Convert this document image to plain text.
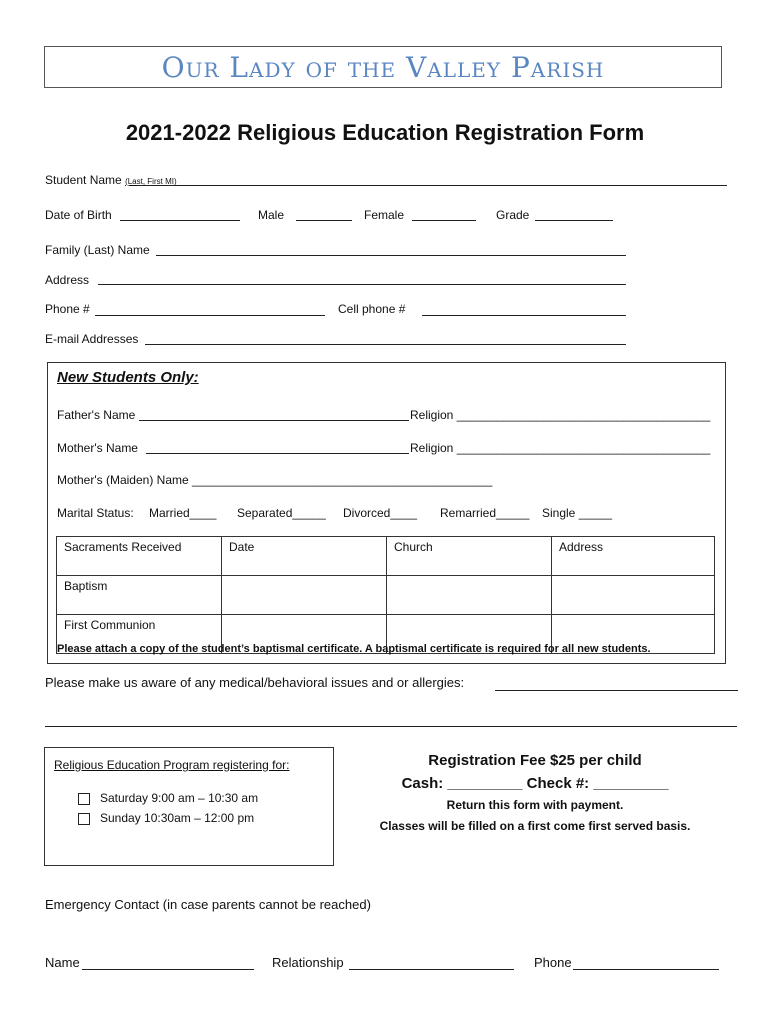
Our Lady of the Valley Parish
2021-2022 Religious Education Registration Form
Student Name (Last, First MI)
Date of Birth	Male	Female	Grade
Family (Last) Name
Address
Phone #	Cell phone #
E-mail Addresses
New Students Only:
Father's Name	Religion ______________________________________
Mother's Name	Religion ______________________________________
Mother's (Maiden) Name _____________________________________________
Marital Status: Married____ Separated_____ Divorced____ Remarried_____ Single _____
Sacraments Received	Date	Church	Address
Baptism			
First Communion			
Please attach a copy of the student’s baptismal certificate. A baptismal certificate is required for all new students.
Please make us aware of any medical/behavioral issues and or allergies:
Religious Education Program registering for:
Saturday 9:00 am – 10:30 am
Sunday 10:30am – 12:00 pm
Registration Fee $25 per child
Cash: _________ Check #: _________
Return this form with payment.
Classes will be filled on a first come first served basis.
Emergency Contact (in case parents cannot be reached)
Name	Relationship	Phone
